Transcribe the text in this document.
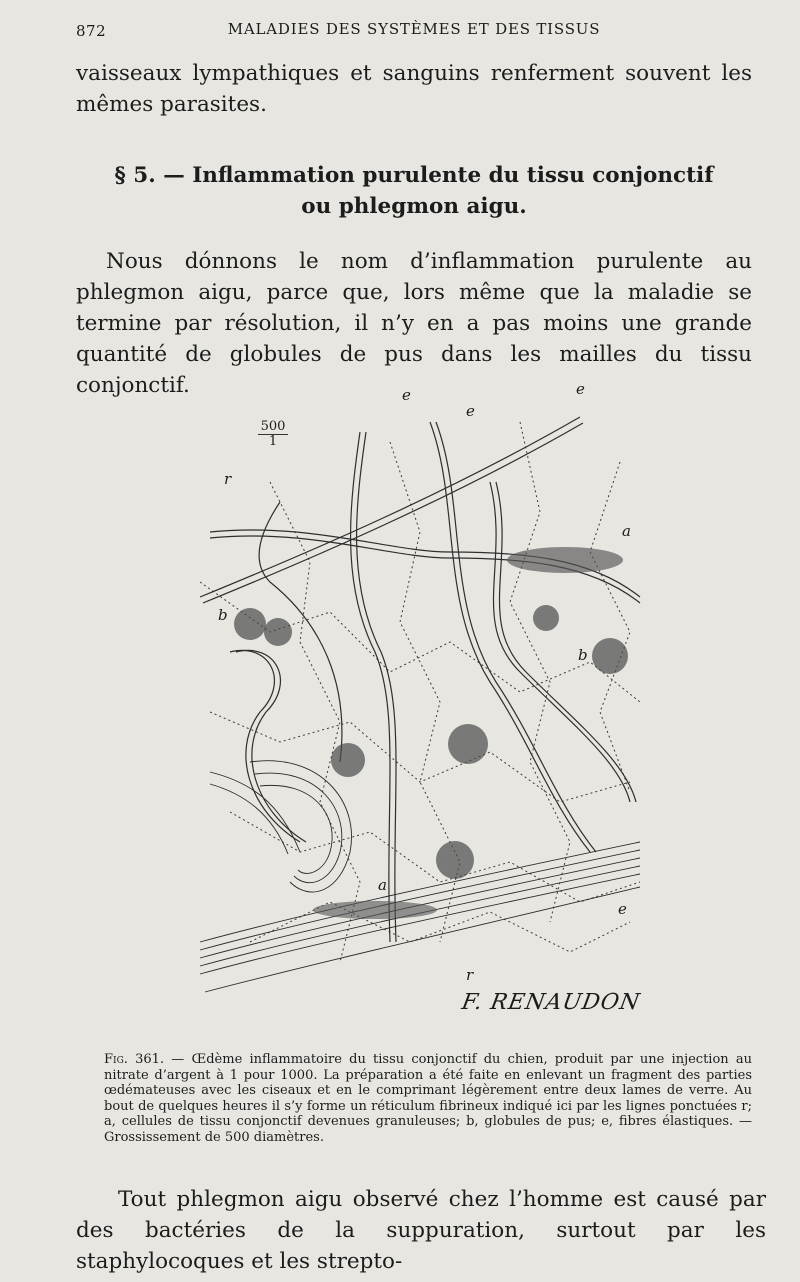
872	MALADIES DES SYSTÈMES ET DES TISSUS

vaisseaux lympathiques et sanguins renferment souvent les mêmes parasites.

§ 5. — Inflammation purulente du tissu conjonctif
ou phlegmon aigu.

Nous dónnons le nom d’inflammation purulente au phlegmon aigu, parce que, lors même que la maladie se termine par résolution, il n’y en a pas moins une grande quantité de globules de pus dans les mailles du tissu conjonctif.

$\frac{500}{1}$
e
e
e
r
a
b
b
a
e
r
F. RENAUDON
Fig. 361. — Œdème inflammatoire du tissu conjonctif du chien, produit par une injection au nitrate d’argent à 1 pour 1000. La préparation a été faite en enlevant un fragment des parties œdémateuses avec les ciseaux et en le comprimant légèrement entre deux lames de verre. Au bout de quelques heures il s’y forme un réticulum fibrineux indiqué ici par les lignes ponctuées r; a, cellules de tissu conjonctif devenues granuleuses; b, globules de pus; e, fibres élastiques. — Grossissement de 500 diamètres.

Tout phlegmon aigu observé chez l’homme est causé par des bactéries de la suppuration, surtout par les staphylocoques et les strepto-
